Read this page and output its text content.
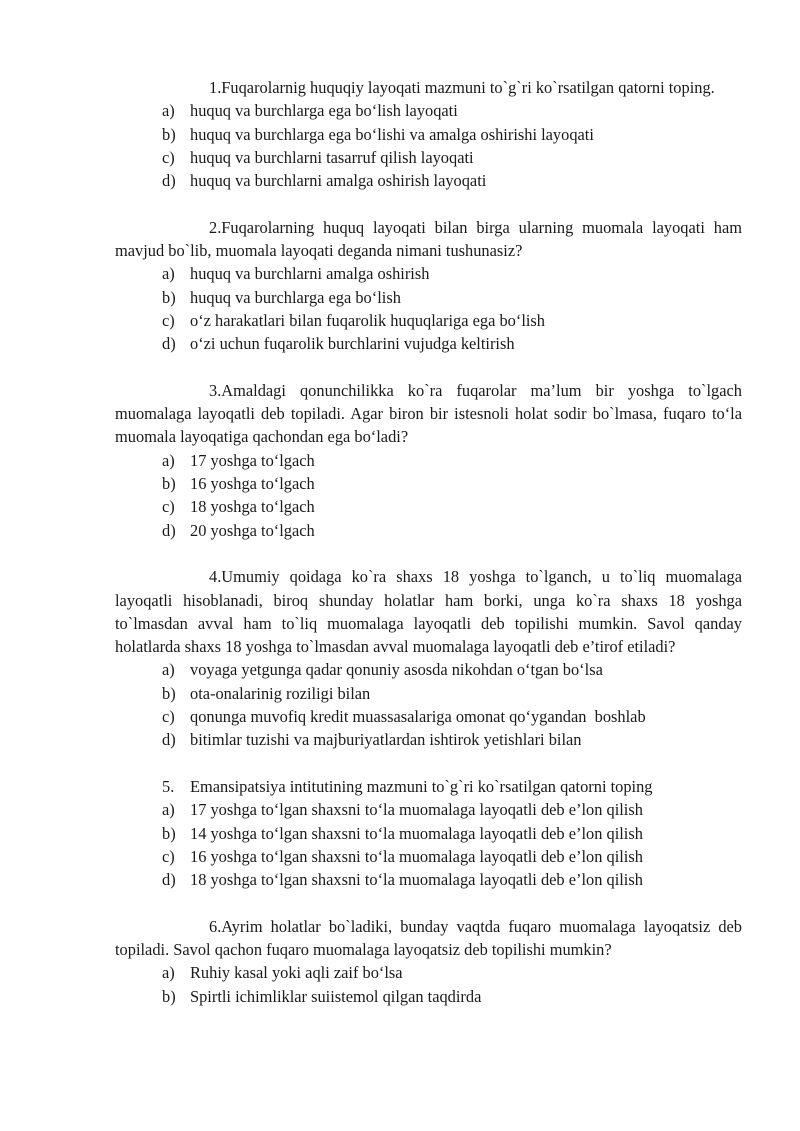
1.Fuqarolarnig huquqiy layoqati mazmuni to`g`ri ko`rsatilgan qatorni toping.

a) huquq va burchlarga ega bo‘lish layoqati
b) huquq va burchlarga ega bo‘lishi va amalga oshirishi layoqati
c) huquq va burchlarni tasarruf qilish layoqati
d) huquq va burchlarni amalga oshirish layoqati

2.Fuqarolarning huquq layoqati bilan birga ularning muomala layoqati ham mavjud bo`lib, muomala layoqati deganda nimani tushunasiz?

a) huquq va burchlarni amalga oshirish
b) huquq va burchlarga ega bo‘lish
c) o‘z harakatlari bilan fuqarolik huquqlariga ega bo‘lish
d) o‘zi uchun fuqarolik burchlarini vujudga keltirish

3.Amaldagi qonunchilikka ko`ra fuqarolar ma’lum bir yoshga to`lgach muomalaga layoqatli deb topiladi. Agar biron bir istesnoli holat sodir bo`lmasa, fuqaro to‘la muomala layoqatiga qachondan ega bo‘ladi?

a) 17 yoshga to‘lgach
b) 16 yoshga to‘lgach
c) 18 yoshga to‘lgach
d) 20 yoshga to‘lgach

4.Umumiy qoidaga ko`ra shaxs 18 yoshga to`lganch, u to`liq muomalaga layoqatli hisoblanadi, biroq shunday holatlar ham borki, unga ko`ra shaxs 18 yoshga to`lmasdan avval ham to`liq muomalaga layoqatli deb topilishi mumkin. Savol qanday holatlarda shaxs 18 yoshga to`lmasdan avval muomalaga layoqatli deb e’tirof etiladi?

a) voyaga yetgunga qadar qonuniy asosda nikohdan o‘tgan bo‘lsa
b) ota-onalarinig roziligi bilan
c) qonunga muvofiq kredit muassasalariga omonat qo‘ygandan  boshlab
d) bitimlar tuzishi va majburiyatlardan ishtirok yetishlari bilan
5. Emansipatsiya intitutining mazmuni to`g`ri ko`rsatilgan qatorni toping
a) 17 yoshga to‘lgan shaxsni to‘la muomalaga layoqatli deb e’lon qilish
b) 14 yoshga to‘lgan shaxsni to‘la muomalaga layoqatli deb e’lon qilish
c) 16 yoshga to‘lgan shaxsni to‘la muomalaga layoqatli deb e’lon qilish
d) 18 yoshga to‘lgan shaxsni to‘la muomalaga layoqatli deb e’lon qilish

6.Ayrim holatlar bo`ladiki, bunday vaqtda fuqaro muomalaga layoqatsiz deb topiladi. Savol qachon fuqaro muomalaga layoqatsiz deb topilishi mumkin?

a) Ruhiy kasal yoki aqli zaif bo‘lsa
b) Spirtli ichimliklar suiistemol qilgan taqdirda
